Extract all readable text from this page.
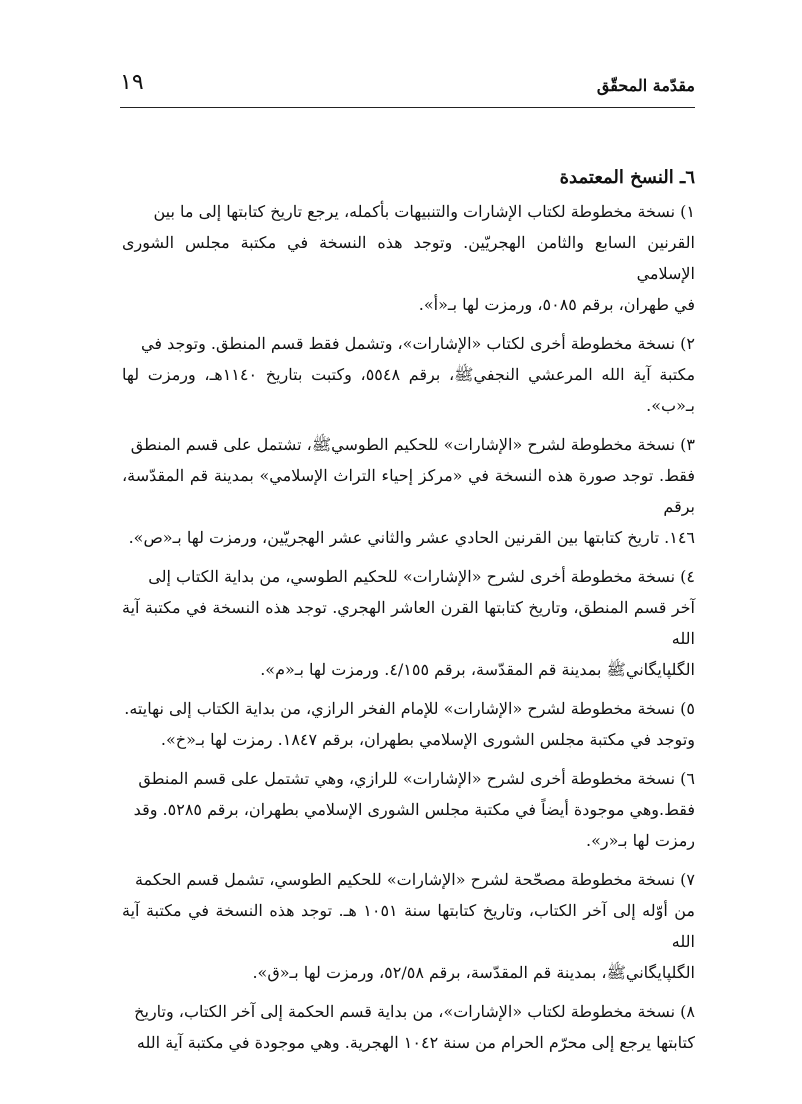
مقدّمة المحقّق
١٩
٦ـ النسخ المعتمدة

١) نسخة مخطوطة لكتاب الإشارات والتنبيهات بأكمله، يرجع تاريخ كتابتها إلى ما بين

القرنين السابع والثامن الهجريّين. وتوجد هذه النسخة في مكتبة مجلس الشورى الإسلامي

في طهران، برقم ٥٠٨٥، ورمزت لها بـ«أ».

٢) نسخة مخطوطة أخرى لكتاب «الإشارات»، وتشمل فقط قسم المنطق. وتوجد في

مكتبة آية الله المرعشي النجفيﷺ، برقم ٥٥٤٨، وكتبت بتاريخ ١١٤٠هـ، ورمزت لها بـ«ب».

٣) نسخة مخطوطة لشرح «الإشارات» للحكيم الطوسيﷺ، تشتمل على قسم المنطق

فقط. توجد صورة هذه النسخة في «مركز إحياء التراث الإسلامي» بمدينة قم المقدّسة، برقم

١٤٦. تاريخ كتابتها بين القرنين الحادي عشر والثاني عشر الهجريّين، ورمزت لها بـ«ص».

٤) نسخة مخطوطة أخرى لشرح «الإشارات» للحكيم الطوسي، من بداية الكتاب إلى

آخر قسم المنطق، وتاريخ كتابتها القرن العاشر الهجري. توجد هذه النسخة في مكتبة آية الله

الگلپايگانيﷺ بمدينة قم المقدّسة، برقم ٤/١٥٥. ورمزت لها بـ«م».

٥) نسخة مخطوطة لشرح «الإشارات» للإمام الفخر الرازي، من بداية الكتاب إلى نهايته.

وتوجد في مكتبة مجلس الشورى الإسلامي بطهران، برقم ١٨٤٧. رمزت لها بـ«خ».

٦) نسخة مخطوطة أخرى لشرح «الإشارات» للرازي، وهي تشتمل على قسم المنطق

فقط.وهي موجودة أيضاً في مكتبة مجلس الشورى الإسلامي بطهران، برقم ٥٢٨٥. وقد

رمزت لها بـ«ر».

٧) نسخة مخطوطة مصحّحة لشرح «الإشارات» للحكيم الطوسي، تشمل قسم الحكمة

من أوّله إلى آخر الكتاب، وتاريخ كتابتها سنة ١٠٥١ هـ. توجد هذه النسخة في مكتبة آية الله

الگلپايگانيﷺ، بمدينة قم المقدّسة، برقم ٥٢/٥٨، ورمزت لها بـ«ق».

٨) نسخة مخطوطة لكتاب «الإشارات»، من بداية قسم الحكمة إلى آخر الكتاب، وتاريخ

كتابتها يرجع إلى محرّم الحرام من سنة ١٠٤٢ الهجرية. وهي موجودة في مكتبة آية الله
